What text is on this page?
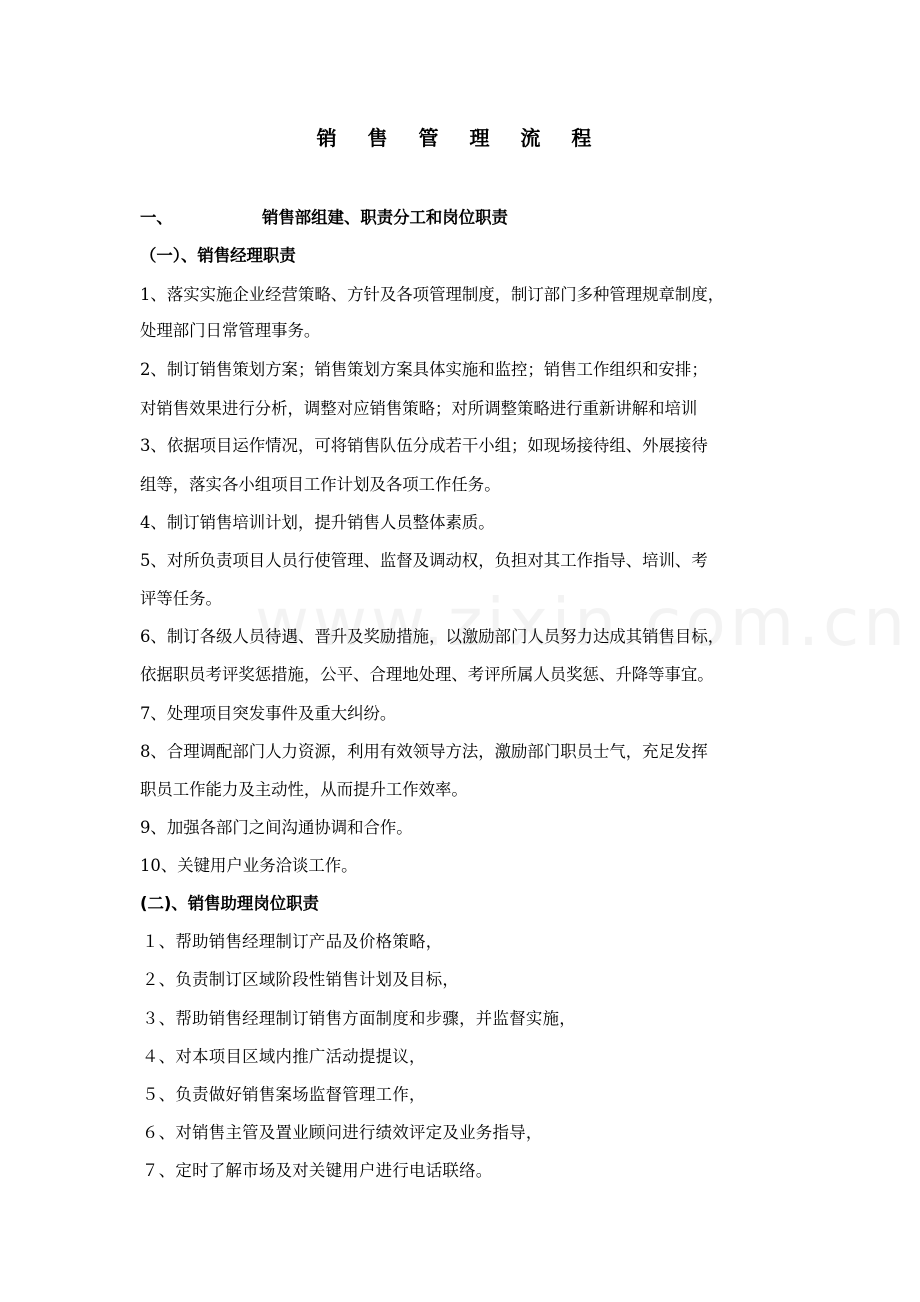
销 售 管 理 流 程
一、	销售部组建、职责分工和岗位职责
（一）、销售经理职责
1、落实实施企业经营策略、方针及各项管理制度，制订部门多种管理规章制度，
处理部门日常管理事务。
2、制订销售策划方案；销售策划方案具体实施和监控；销售工作组织和安排；
对销售效果进行分析，调整对应销售策略；对所调整策略进行重新讲解和培训
3、依据项目运作情况，可将销售队伍分成若干小组；如现场接待组、外展接待
组等，落实各小组项目工作计划及各项工作任务。
4、制订销售培训计划，提升销售人员整体素质。
5、对所负责项目人员行使管理、监督及调动权，负担对其工作指导、培训、考
评等任务。
6、制订各级人员待遇、晋升及奖励措施，以激励部门人员努力达成其销售目标，
依据职员考评奖惩措施，公平、合理地处理、考评所属人员奖惩、升降等事宜。
7、处理项目突发事件及重大纠纷。
8、合理调配部门人力资源，利用有效领导方法，激励部门职员士气，充足发挥
职员工作能力及主动性，从而提升工作效率。
9、加强各部门之间沟通协调和合作。
10、关键用户业务洽谈工作。
(二)、销售助理岗位职责
１、帮助销售经理制订产品及价格策略，
２、负责制订区域阶段性销售计划及目标，
３、帮助销售经理制订销售方面制度和步骤，并监督实施，
４、对本项目区域内推广活动提提议，
５、负责做好销售案场监督管理工作，
６、对销售主管及置业顾问进行绩效评定及业务指导，
７、定时了解市场及对关键用户进行电话联络。
